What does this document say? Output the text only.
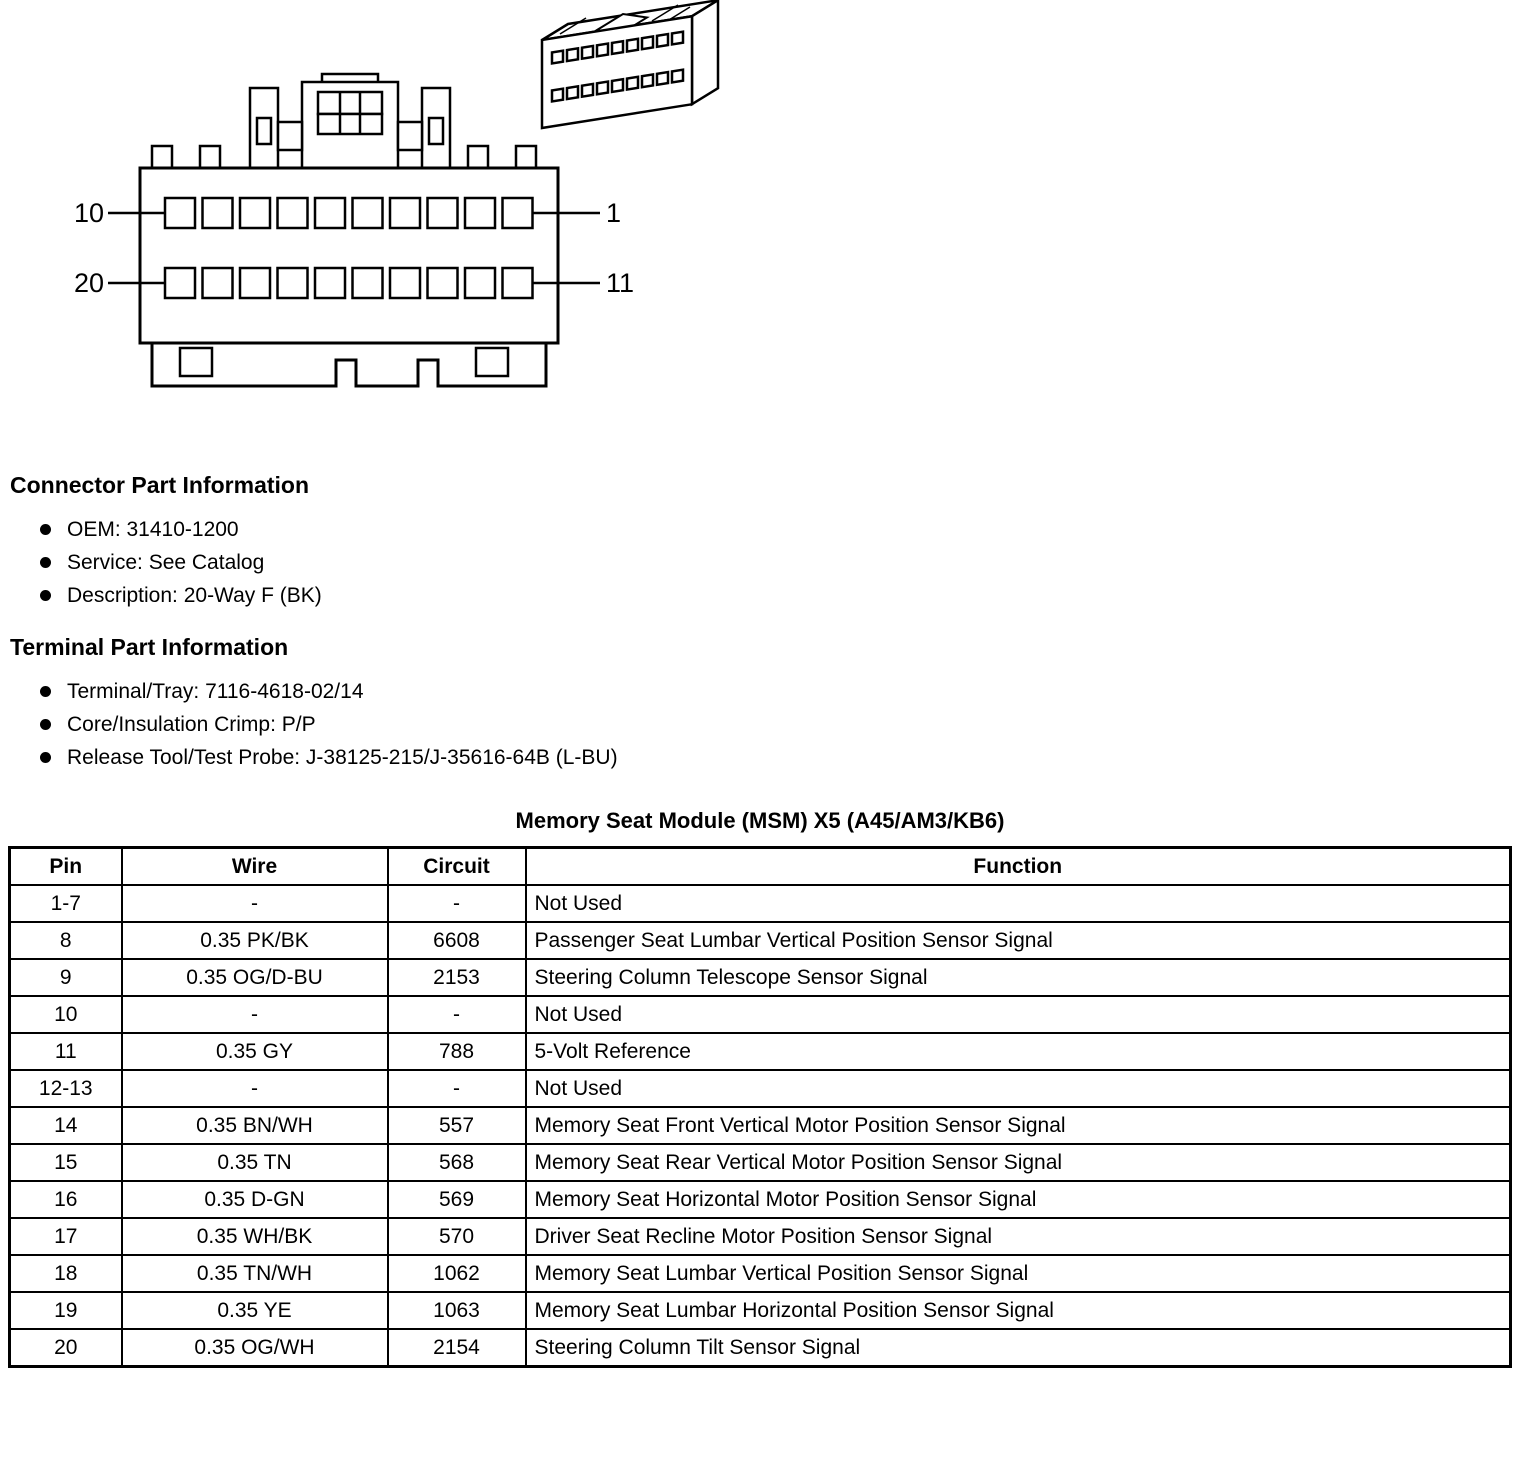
10	1
20	11
Connector Part Information
OEM: 31410-1200
Service: See Catalog
Description: 20-Way F (BK)
Terminal Part Information
Terminal/Tray: 7116-4618-02/14
Core/Insulation Crimp: P/P
Release Tool/Test Probe: J-38125-215/J-35616-64B (L-BU)
Memory Seat Module (MSM) X5 (A45/AM3/KB6)
Pin	Wire	Circuit	Function
1-7	-	-	Not Used
8	0.35 PK/BK	6608	Passenger Seat Lumbar Vertical Position Sensor Signal
9	0.35 OG/D-BU	2153	Steering Column Telescope Sensor Signal
10	-	-	Not Used
11	0.35 GY	788	5-Volt Reference
12-13	-	-	Not Used
14	0.35 BN/WH	557	Memory Seat Front Vertical Motor Position Sensor Signal
15	0.35 TN	568	Memory Seat Rear Vertical Motor Position Sensor Signal
16	0.35 D-GN	569	Memory Seat Horizontal Motor Position Sensor Signal
17	0.35 WH/BK	570	Driver Seat Recline Motor Position Sensor Signal
18	0.35 TN/WH	1062	Memory Seat Lumbar Vertical Position Sensor Signal
19	0.35 YE	1063	Memory Seat Lumbar Horizontal Position Sensor Signal
20	0.35 OG/WH	2154	Steering Column Tilt Sensor Signal
